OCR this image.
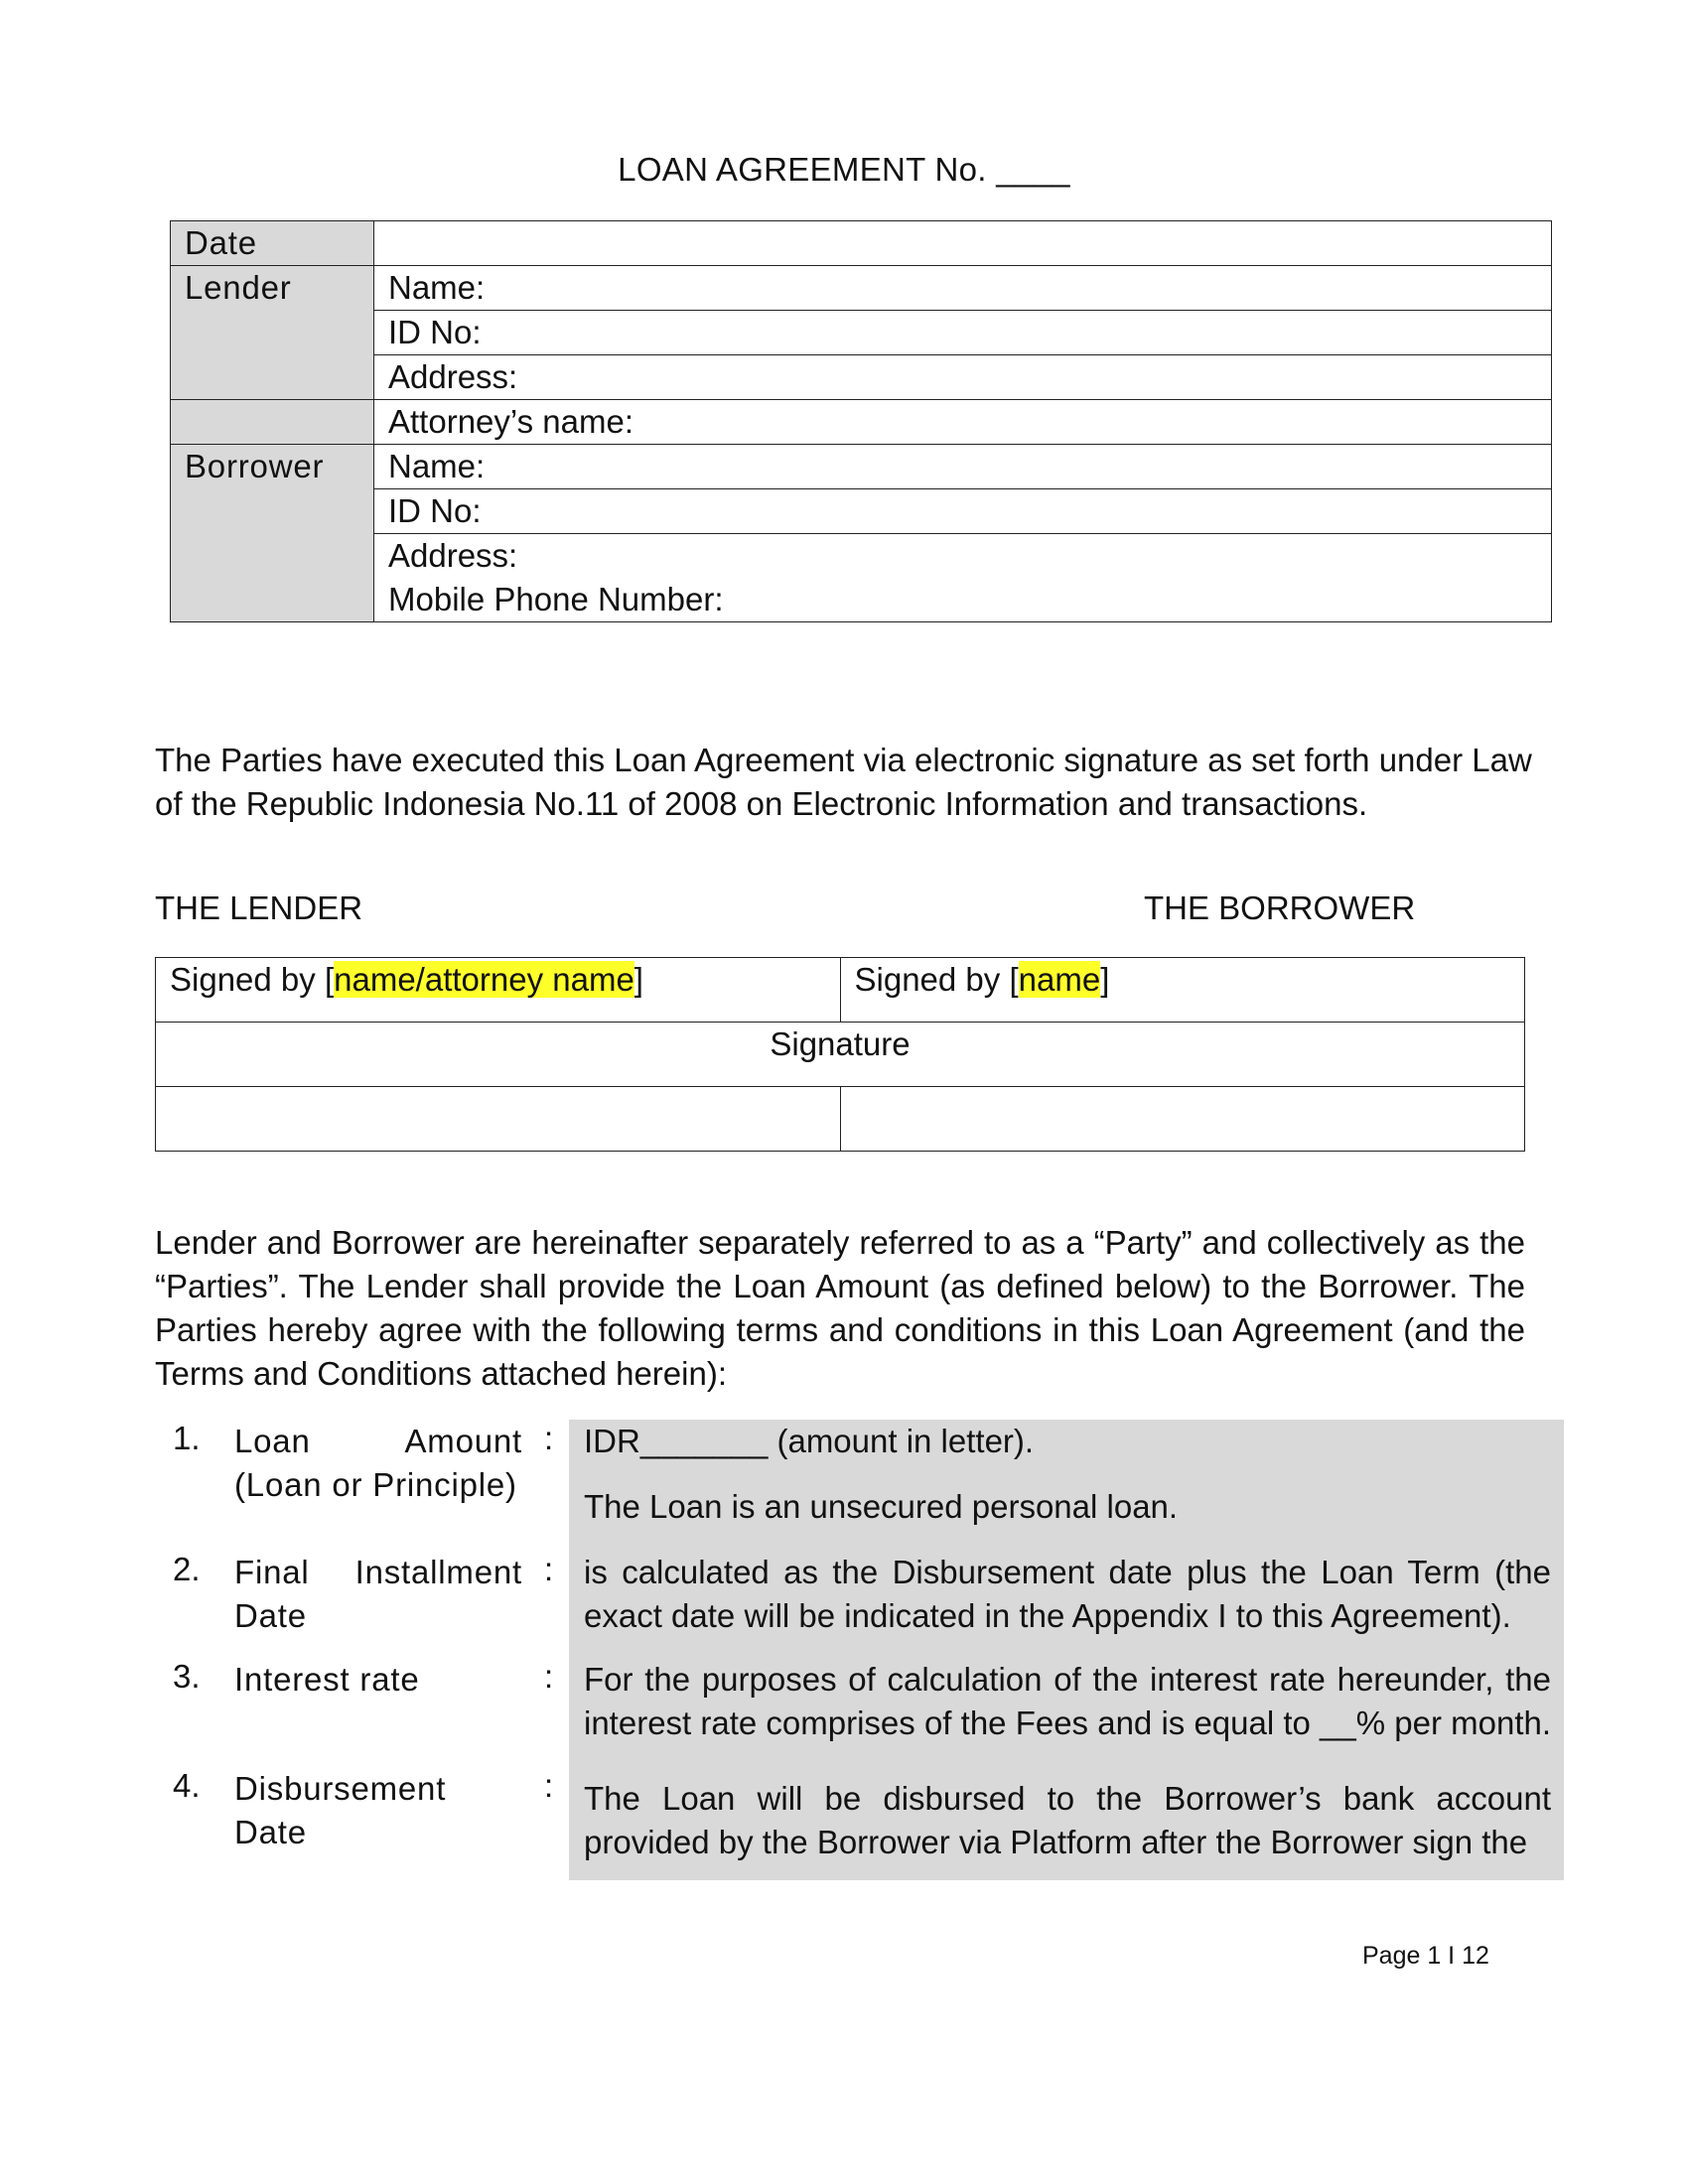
LOAN AGREEMENT No. ____
Date	
Lender	Name:
	ID No:
	Address:
	Attorney’s name:
Borrower	Name:
	ID No:

	Address:
Mobile Phone Number:
The Parties have executed this Loan Agreement via electronic signature as set forth under Law of the Republic Indonesia No.11 of 2008 on Electronic Information and transactions.
THE LENDER	THE BORROWER
Signed by [name/attorney name]	Signed by [name]
Signature	

Lender and Borrower are hereinafter separately referred to as a “Party” and collectively as the “Parties”. The Lender shall provide the Loan Amount (as defined below) to the Borrower. The Parties hereby agree with the following terms and conditions in this Loan Agreement (and the Terms and Conditions attached herein):
1.	Loan Amount
(Loan or Principle)
: IDR_______ (amount in letter).
The Loan is an unsecured personal loan.
2.	Final Installment
Date
: is calculated as the Disbursement date plus the Loan Term (the exact date will be indicated in the Appendix I to this Agreement).
3.	Interest rate	: For the purposes of calculation of the interest rate hereunder, the interest rate comprises of the Fees and is equal to __% per month.
4.	Disbursement
Date
: The Loan will be disbursed to the Borrower’s bank account provided by the Borrower via Platform after the Borrower sign the
Page 1 I 12
